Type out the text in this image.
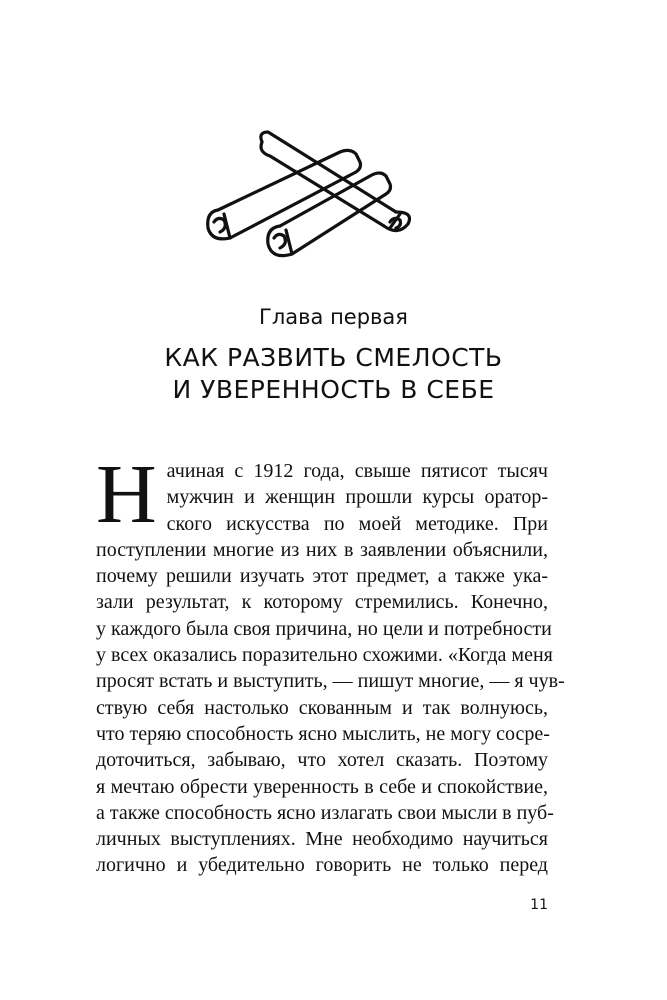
Глава первая
КАК РАЗВИТЬ СМЕЛОСТЬ
И УВЕРЕННОСТЬ В СЕБЕ
Н ачиная с 1912 года, свыше пятисот тысяч
мужчин и женщин прошли курсы оратор-
ского искусства по моей методике. При
поступлении многие из них в заявлении объяснили,
почему решили изучать этот предмет, а также ука-
зали результат, к которому стремились. Конечно,
у каждого была своя причина, но цели и потребности
у всех оказались поразительно схожими. «Когда меня
просят встать и выступить, — пишут многие, — я чув-
ствую себя настолько скованным и так волнуюсь,
что теряю способность ясно мыслить, не могу сосре-
доточиться, забываю, что хотел сказать. Поэтому
я мечтаю обрести уверенность в себе и спокойствие,
а также способность ясно излагать свои мысли в пуб-
личных выступлениях. Мне необходимо научиться
логично и убедительно говорить не только перед
11
